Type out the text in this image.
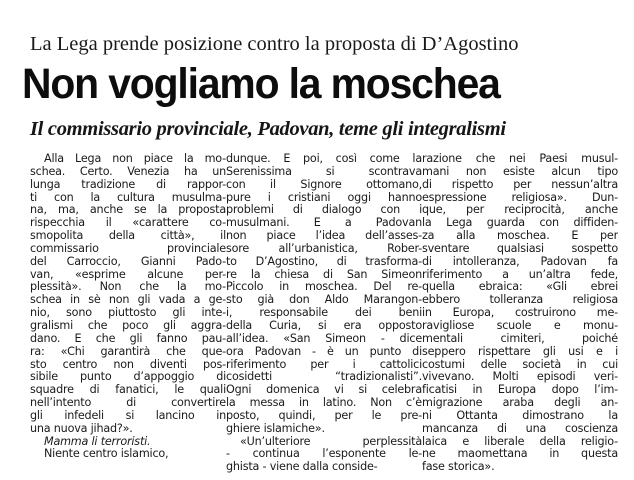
La Lega prende posizione contro la proposta di D’Agostino
Non vogliamo la moschea
Il commissario provinciale, Padovan, teme gli integralismi
Alla Lega non piace la mo-
schea. Certo. Venezia ha un
lunga tradizione di rappor-
ti con la cultura musulma-
na, ma, anche se la proposta
rispecchia il «carattere co-
smopolita della città», il
commissario provinciale
del Carroccio, Gianni Pado-
van, «esprime alcune per-
plessità». Non che la mo-
schea in sè non gli vada a ge-
nio, sono piuttosto gli inte-
gralismi che poco gli aggra-
dano. E che gli fanno pau-
ra: «Chi garantirà che que-
sto centro non diventi pos-
sibile punto d’appoggio di
squadre di fanatici, le quali
nell’intento di convertire
gli infedeli si lancino in
una nuova jihad?».
Mamma li terroristi.
Niente centro islamico,
dunque. E poi, così come la
Serenissima si scontrava
con il Signore ottomano,
pure i cristiani oggi hanno
problemi di dialogo con i
musulmani. E a Padovan
non piace l’idea dell’asses-
sore all’urbanistica, Rober-
to D’Agostino, di trasforma-
re la chiesa di San Simeon
Piccolo in moschea. Del re-
sto già don Aldo Marangon-
i, responsabile dei beni
della Curia, si era opposto
all’idea. «San Simeon - dice
ora Padovan - è un punto di
riferimento per i cattolici
cosidetti “tradizionalisti”.
Ogni domenica vi si celebra
la messa in latino. Non c’è
posto, quindi, per le pre-
ghiere islamiche».
«Un’ulteriore perplessità
- continua l’esponente le-
ghista - viene dalla conside-
razione che nei Paesi musul-
mani non esiste alcun tipo
di rispetto per nessun’altra
espressione religiosa». Dun-
que, per reciprocità, anche
la Lega guarda con diffiden-
za alla moschea. E per
sventare qualsiasi sospetto
di intolleranza, Padovan fa
riferimento a un’altra fede,
quella ebraica: «Gli ebrei
ebbero tolleranza religiosa
in Europa, costruirono me-
ravigliose scuole e monu-
mentali cimiteri, poiché
seppero rispettare gli usi e i
costumi delle società in cui
vivevano. Molti episodi veri-
ficatisi in Europa dopo l’im-
migrazione araba degli an-
ni Ottanta dimostrano la
mancanza di una coscienza
laica e liberale della religio-
ne maomettana in questa
fase storica».
